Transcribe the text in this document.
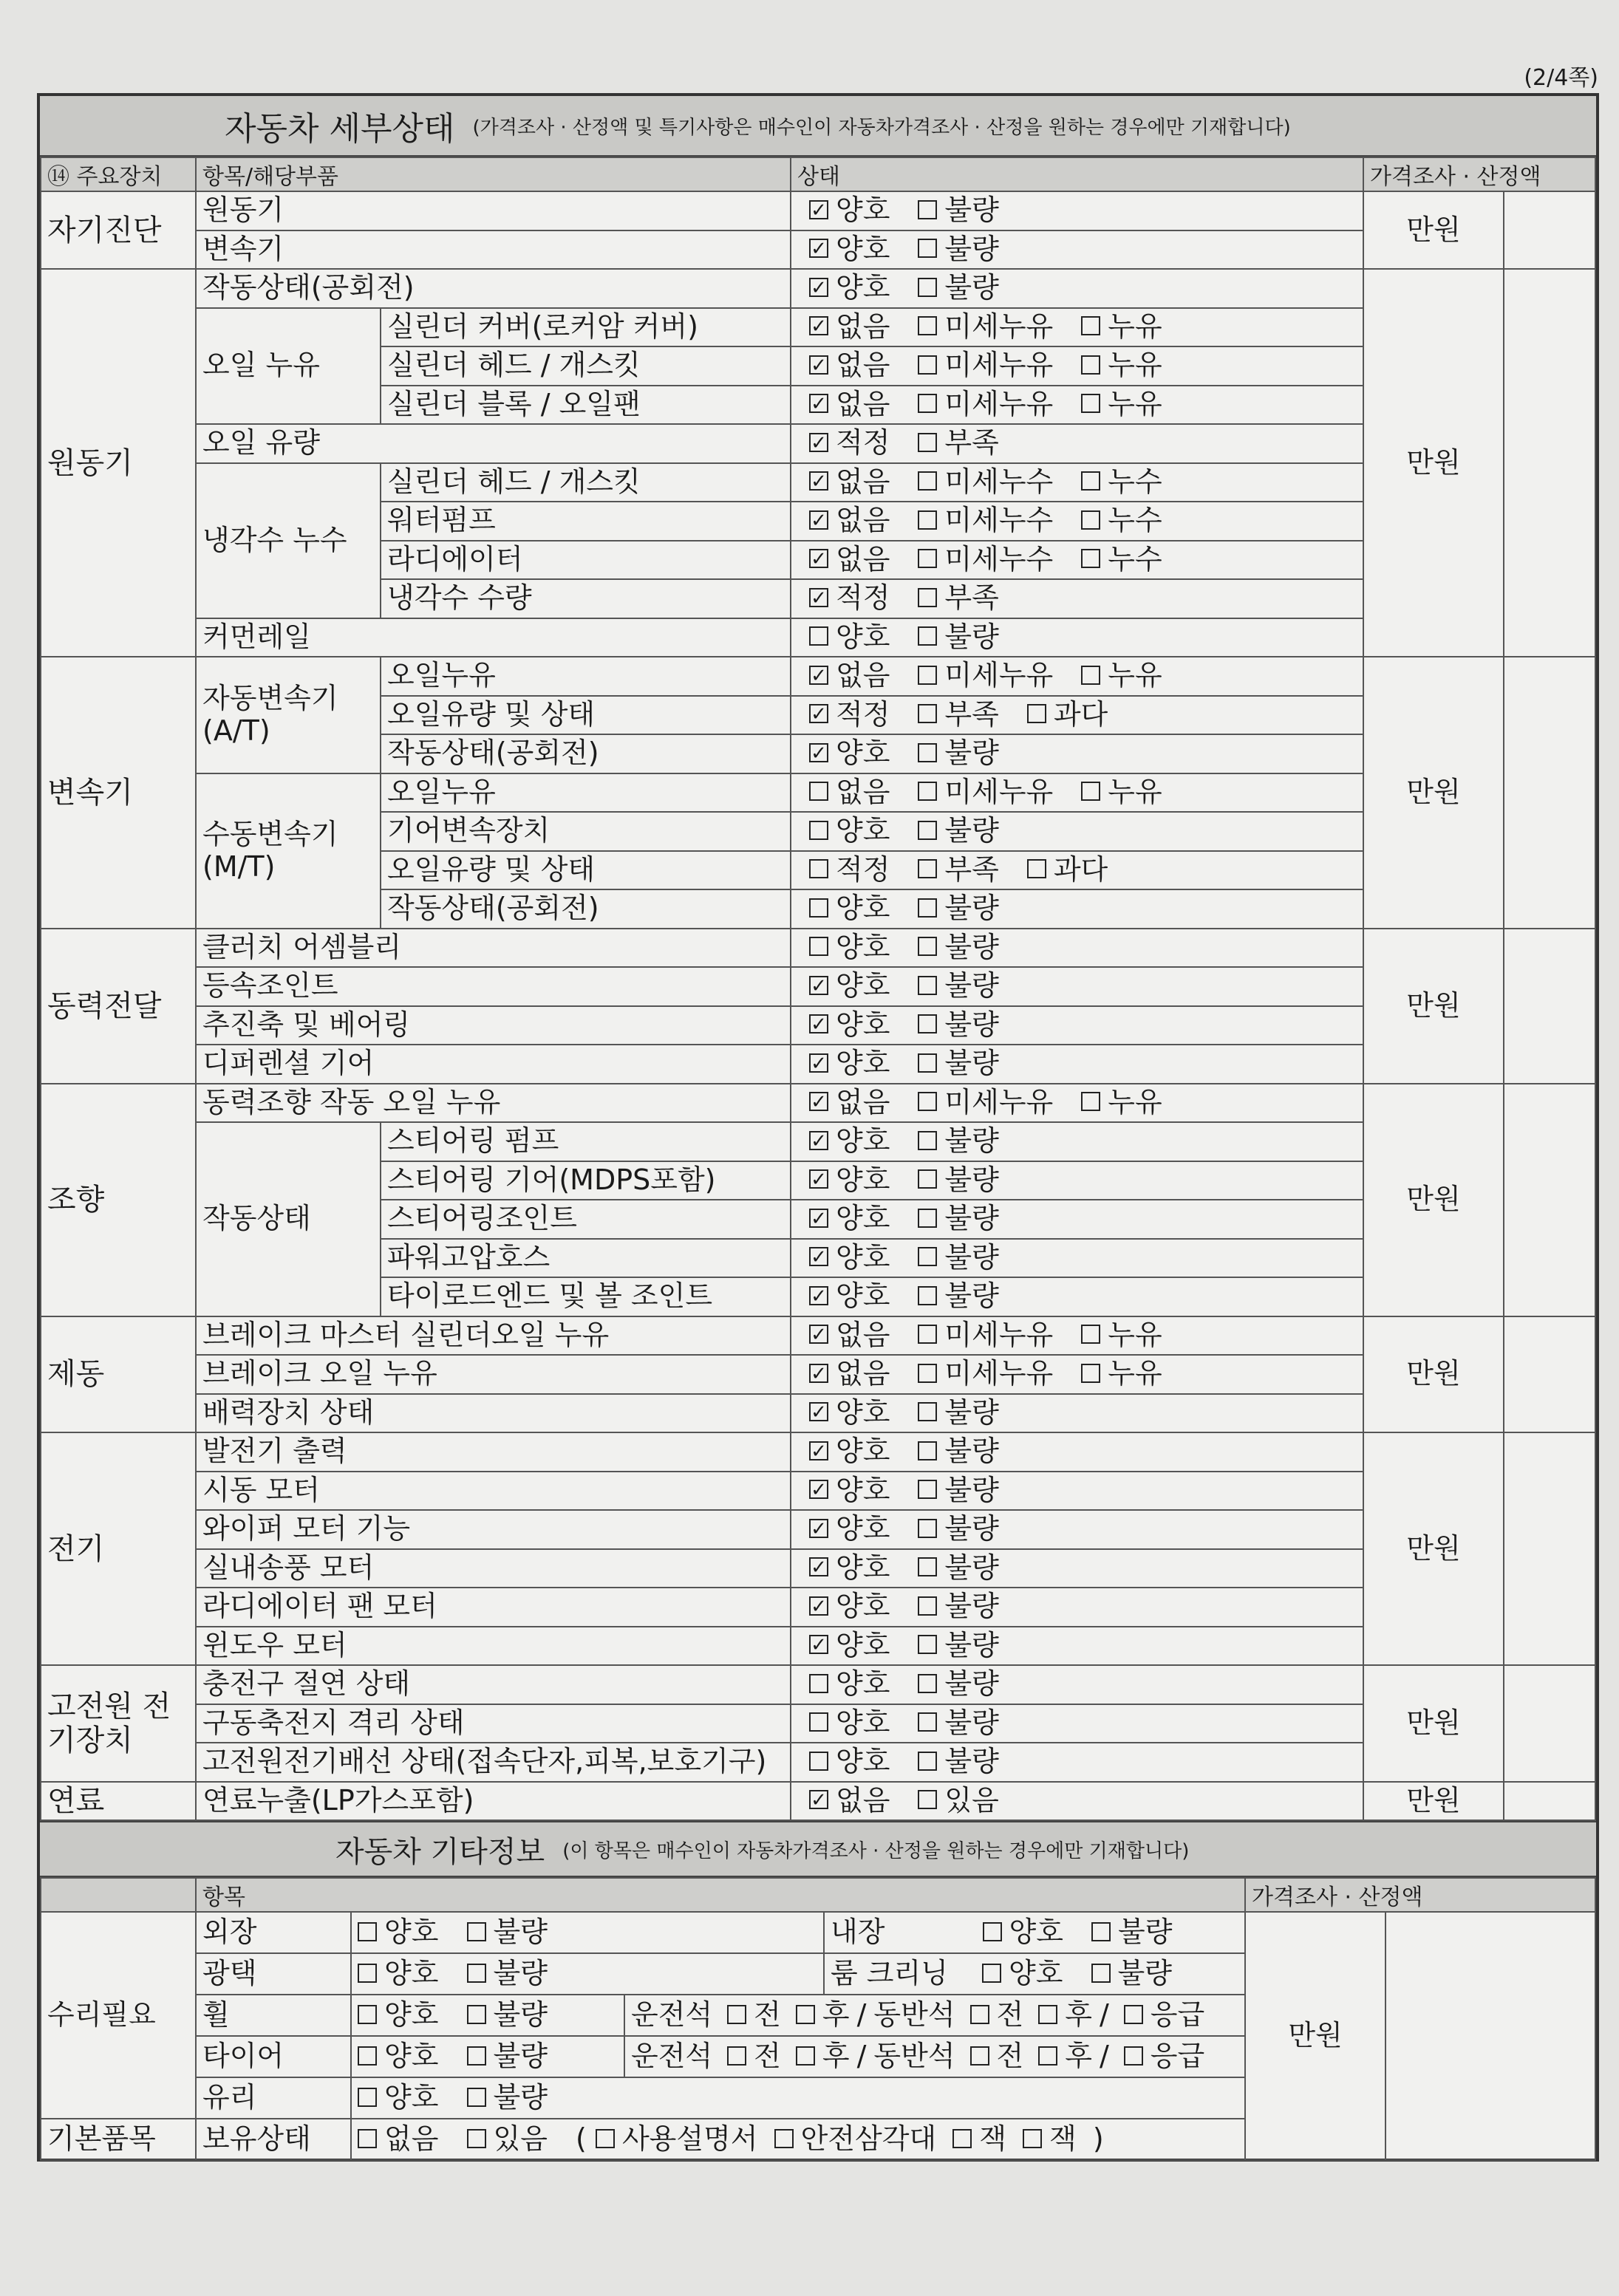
(2/4쪽)
자동차 세부상태 (가격조사 · 산정액 및 특기사항은 매수인이 자동차가격조사 · 산정을 원하는 경우에만 기재합니다)
⑭ 주요장치	항목/해당부품		상태	가격조사 · 산정액	
자기진단	원동기		✓ 양호 불량	만원	
	변속기		✓ 양호 불량		
원동기	작동상태(공회전)		✓ 양호 불량	만원	
	오일 누유	실린더 커버(로커암 커버)	✓ 없음 미세누유 누유		
		실린더 헤드 / 개스킷	✓ 없음 미세누유 누유		
		실린더 블록 / 오일팬	✓ 없음 미세누유 누유		
	오일 유량		✓ 적정 부족		
	냉각수 누수	실린더 헤드 / 개스킷	✓ 없음 미세누수 누수		
		워터펌프	✓ 없음 미세누수 누수		
		라디에이터	✓ 없음 미세누수 누수		
		냉각수 수량	✓ 적정 부족		
	커먼레일		양호 불량		
변속기	자동변속기 (A/T)	오일누유	✓ 없음 미세누유 누유	만원	
		오일유량 및 상태	✓ 적정 부족 과다		
		작동상태(공회전)	✓ 양호 불량		
	수동변속기 (M/T)	오일누유	없음 미세누유 누유		
		기어변속장치	양호 불량		
		오일유량 및 상태	적정 부족 과다		
		작동상태(공회전)	양호 불량		
동력전달	클러치 어셈블리		양호 불량	만원	
	등속조인트		✓ 양호 불량		
	추진축 및 베어링		✓ 양호 불량		
	디퍼렌셜 기어		✓ 양호 불량		
조향	동력조향 작동 오일 누유		✓ 없음 미세누유 누유	만원	
	작동상태	스티어링 펌프	✓ 양호 불량		
		스티어링 기어(MDPS포함)	✓ 양호 불량		
		스티어링조인트	✓ 양호 불량		
		파워고압호스	✓ 양호 불량		
		타이로드엔드 및 볼 조인트	✓ 양호 불량		
제동	브레이크 마스터 실린더오일 누유		✓ 없음 미세누유 누유	만원	
	브레이크 오일 누유		✓ 없음 미세누유 누유		
	배력장치 상태		✓ 양호 불량		
전기	발전기 출력		✓ 양호 불량	만원	
	시동 모터		✓ 양호 불량		
	와이퍼 모터 기능		✓ 양호 불량		
	실내송풍 모터		✓ 양호 불량		
	라디에이터 팬 모터		✓ 양호 불량		
	윈도우 모터		✓ 양호 불량		
고전원 전기장치	충전구 절연 상태		양호 불량	만원	
	구동축전지 격리 상태		양호 불량		
	고전원전기배선 상태(접속단자,피복,보호기구)		양호 불량		
연료	연료누출(LP가스포함)		✓ 없음 있음	만원	
자동차 기타정보 (이 항목은 매수인이 자동차가격조사 · 산정을 원하는 경우에만 기재합니다)
	항목				가격조사 · 산정액	
수리필요	외장	양호 불량		내장 양호 불량	만원	
	광택	양호 불량		룸 크리닝 양호 불량		
	휠	양호 불량	운전석 전 후 / 동반석 전 후 / 응급			
	타이어	양호 불량	운전석 전 후 / 동반석 전 후 / 응급			
	유리	양호 불량				
기본품목	보유상태	없음 있음 ( 사용설명서 안전삼각대 잭 잭 )				
